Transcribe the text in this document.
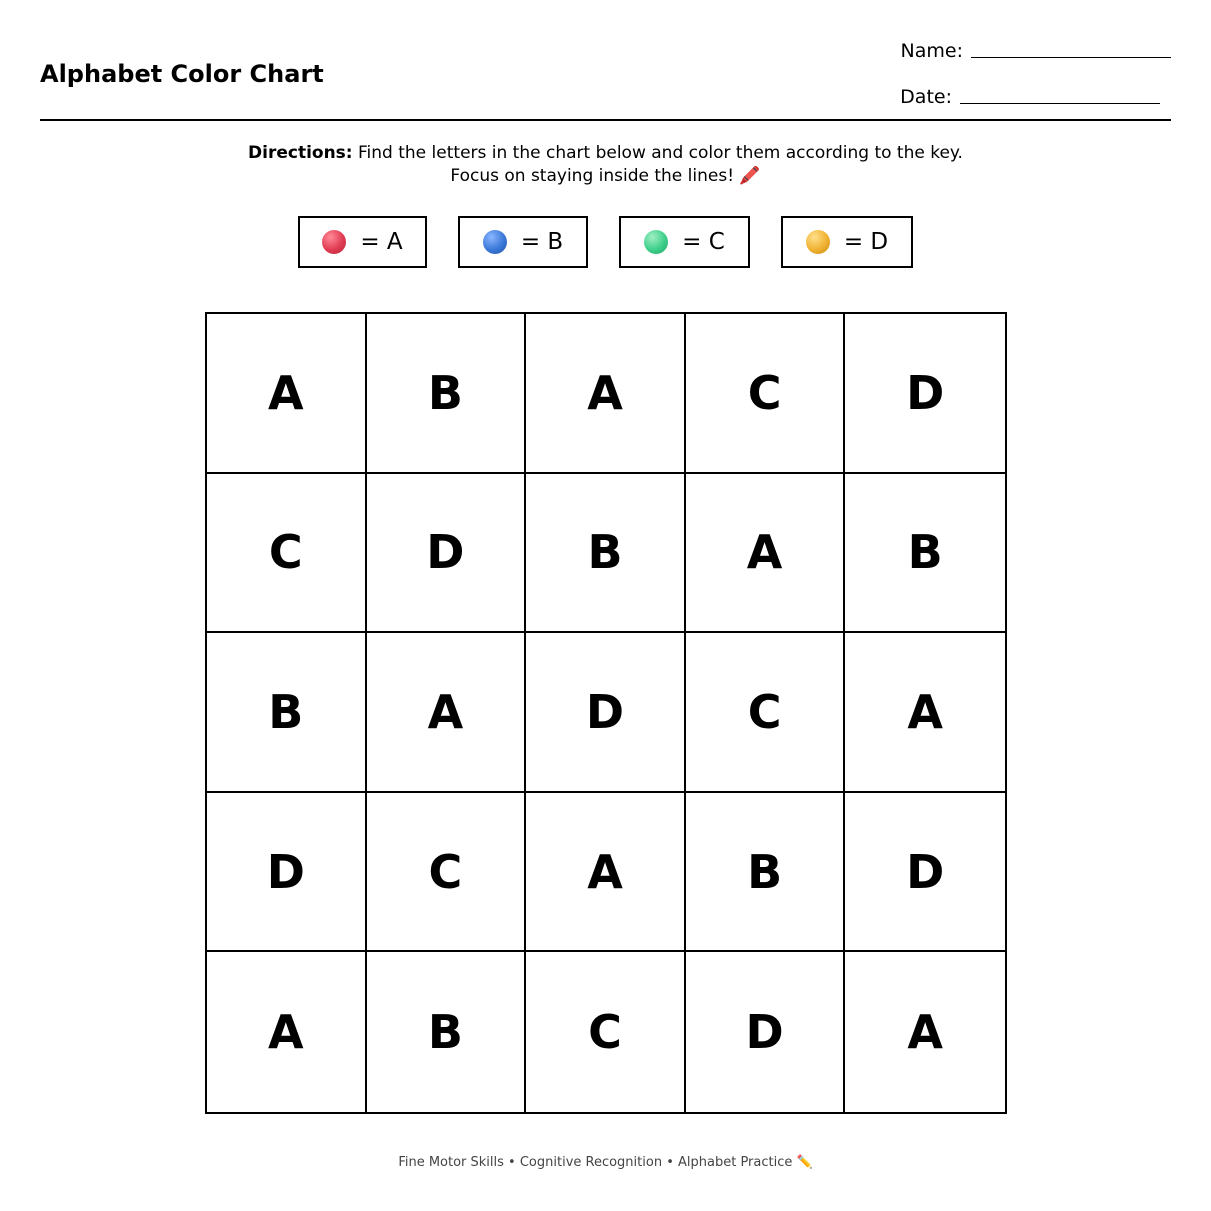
Alphabet Color Chart
Name:
Date:
Directions: Find the letters in the chart below and color them according to the key.
Focus on staying inside the lines! 🖍️
= A	= B	= C	= D
A	B	A	C	D
C	D	B	A	B
B	A	D	C	A
D	C	A	B	D
A	B	C	D	A
Fine Motor Skills • Cognitive Recognition • Alphabet Practice ✏️
